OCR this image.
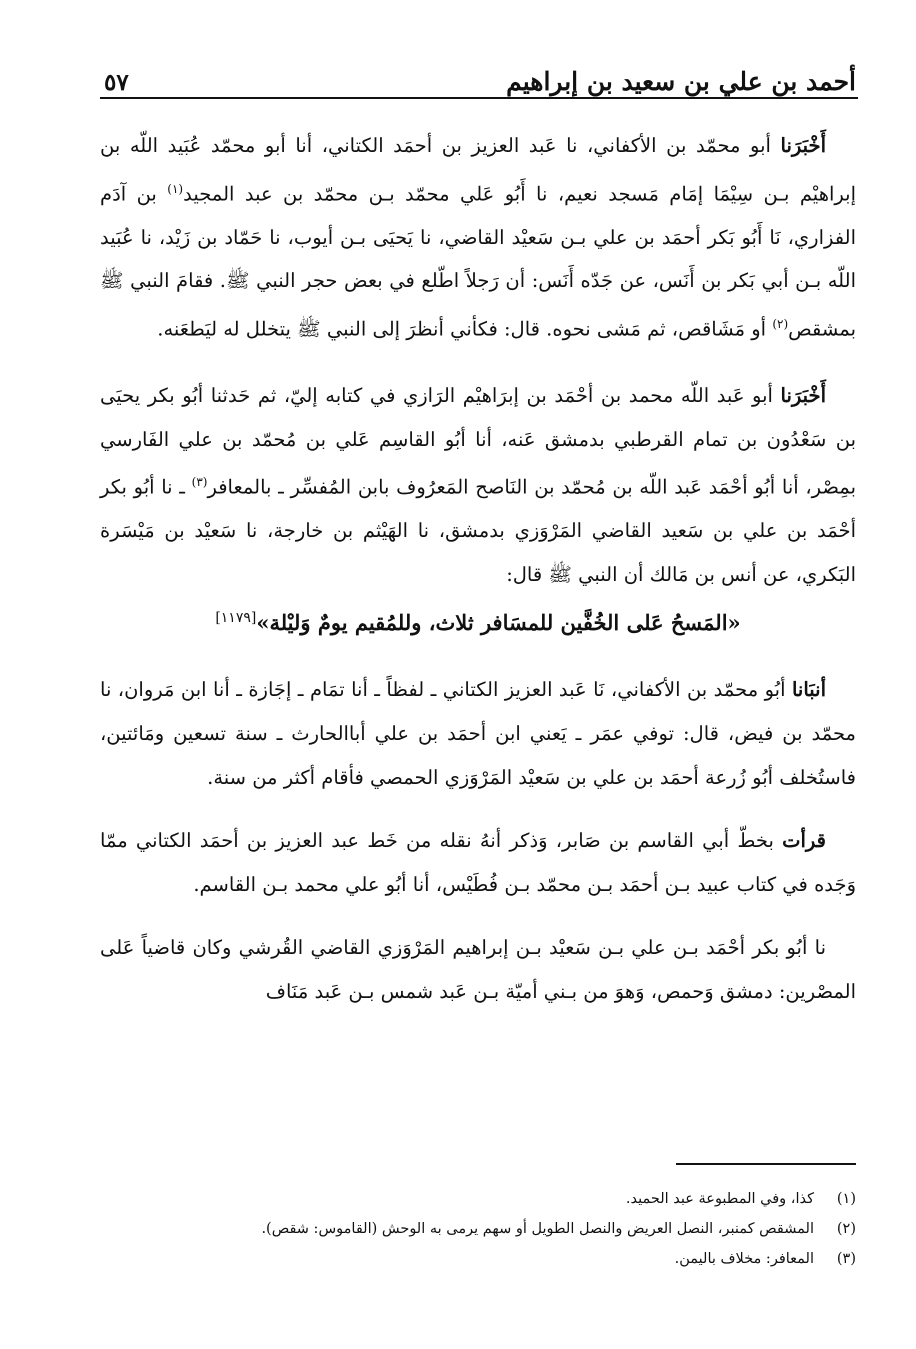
أحمد بن علي بن سعيد بن إبراهيم
٥٧

أَخْبَرَنا أبو محمّد بن الأكفاني، نا عَبد العزيز بن أحمَد الكتاني، أنا أبو محمّد عُبَيد اللّه بن إبراهيْم بـن سِيْمَا إمَام مَسجد نعيم، نا أَبُو عَلي محمّد بـن محمّد بن عبد المجيد$^{(١)}$ بن آدَم الفزاري، نَا أَبُو بَكر أحمَد بن علي بـن سَعيْد القاضي، نا يَحيَى بـن أيوب، نا حَمّاد بن زَيْد، نا عُبَيد اللّه بـن أبي بَكر بن أَنَس، عن جَدّه أَنَس: أن رَجلاً اطّلع في بعض حجر النبي ﷺ. فقامَ النبي ﷺ بمشقص$^{(٢)}$ أو مَشَاقص، ثم مَشى نحوه. قال: فكأني أنظرَ إلى النبي ﷺ يتخلل له ليَطعَنه.

أَخْبَرَنا أبو عَبد اللّه محمد بن أحْمَد بن إبرَاهيْم الرَازي في كتابه إليّ، ثم حَدثنا أبُو بكر يحيَى بن سَعْدُون بن تمام القرطبي بدمشق عَنه، أنا أبُو القاسِم عَلي بن مُحمّد بن علي الفَارسي بمِصْر، أنا أبُو أحْمَد عَبد اللّه بن مُحمّد بن النَاصح المَعرُوف بابن المُفسِّر ـ بالمعافر$^{(٣)}$ ـ نا أبُو بكر أحْمَد بن علي بن سَعيد القاضي المَرْوَزي بدمشق، نا الهَيْثم بن خارجة، نا سَعيْد بن مَيْسَرة البَكري، عن أنس بن مَالك أن النبي ﷺ قال:

«المَسحُ عَلى الخُفَّين للمسَافر ثلاث، وللمُقيم يومٌ وَليْلة»[١١٧٩]

أنبَانا أبُو محمّد بن الأكفاني، نَا عَبد العزيز الكتاني ـ لفظاً ـ أنا تمَام ـ إجَازة ـ أنا ابن مَروان، نا محمّد بن فيض، قال: توفي عمَر ـ يَعني ابن أحمَد بن علي أباالحارث ـ سنة تسعين ومَائتين، فاستُخلف أبُو زُرعة أحمَد بن علي بن سَعيْد المَرْوَزي الحمصي فأقام أكثر من سنة.

قرأت بخطّ أبي القاسم بن صَابر، وَذكر أنهُ نقله من خَط عبد العزيز بن أحمَد الكتاني ممّا وَجَده في كتاب عبيد بـن أحمَد بـن محمّد بـن فُطَيْس، أنا أبُو علي محمد بـن القاسم.

نا أبُو بكر أحْمَد بـن علي بـن سَعيْد بـن إبراهيم المَرْوَزي القاضي القُرشي وكان قاضياً عَلى المصْرين: دمشق وَحمص، وَهوَ من بـني أميّة بـن عَبد شمس بـن عَبد مَنَاف

(١)
كذا، وفي المطبوعة عبد الحميد.
(٢)
المشقص كمنبر، النصل العريض والنصل الطويل أو سهم يرمى به الوحش (القاموس: شقص).
(٣)
المعافر: مخلاف باليمن.
